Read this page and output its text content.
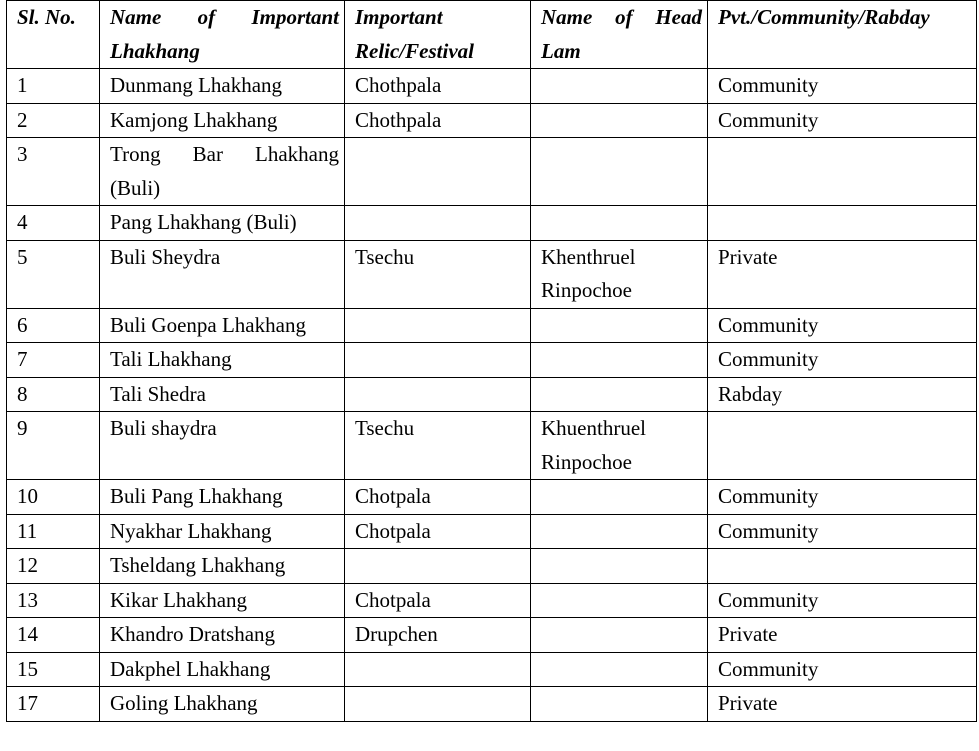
Sl. No.	Name of Important Lhakhang	Important Relic/Festival	Name of Head Lam	Pvt./Community/Rabday
1	Dunmang Lhakhang	Chothpala		Community
2	Kamjong Lhakhang	Chothpala		Community
3	Trong Bar Lhakhang (Buli)			
4	Pang Lhakhang (Buli)			
5	Buli Sheydra	Tsechu	Khenthruel Rinpochoe	Private
6	Buli Goenpa Lhakhang			Community
7	Tali Lhakhang			Community
8	Tali Shedra			Rabday
9	Buli shaydra	Tsechu	Khuenthruel Rinpochoe	
10	Buli Pang Lhakhang	Chotpala		Community
11	Nyakhar Lhakhang	Chotpala		Community
12	Tsheldang Lhakhang			
13	Kikar Lhakhang	Chotpala		Community
14	Khandro Dratshang	Drupchen		Private
15	Dakphel Lhakhang			Community
17	Goling Lhakhang			Private
